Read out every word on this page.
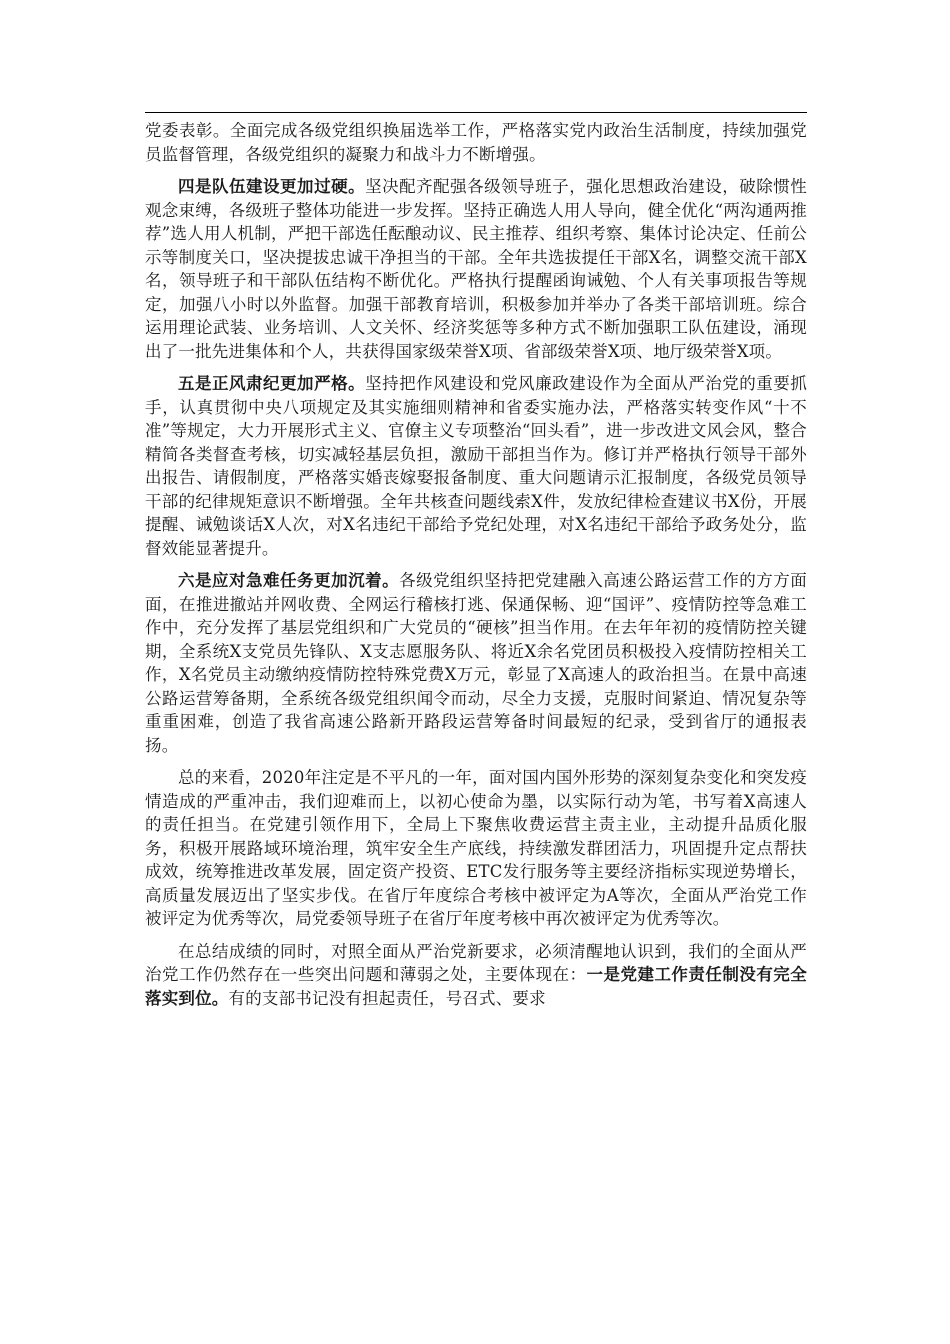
党委表彰。全面完成各级党组织换届选举工作，严格落实党内政治生活制度，持续加强党员监督管理，各级党组织的凝聚力和战斗力不断增强。

四是队伍建设更加过硬。坚决配齐配强各级领导班子，强化思想政治建设，破除惯性观念束缚，各级班子整体功能进一步发挥。坚持正确选人用人导向，健全优化“两沟通两推荐”选人用人机制，严把干部选任酝酿动议、民主推荐、组织考察、集体讨论决定、任前公示等制度关口，坚决提拔忠诚干净担当的干部。全年共选拔提任干部X名，调整交流干部X名，领导班子和干部队伍结构不断优化。严格执行提醒函询诫勉、个人有关事项报告等规定，加强八小时以外监督。加强干部教育培训，积极参加并举办了各类干部培训班。综合运用理论武装、业务培训、人文关怀、经济奖惩等多种方式不断加强职工队伍建设，涌现出了一批先进集体和个人，共获得国家级荣誉X项、省部级荣誉X项、地厅级荣誉X项。

五是正风肃纪更加严格。坚持把作风建设和党风廉政建设作为全面从严治党的重要抓手，认真贯彻中央八项规定及其实施细则精神和省委实施办法，严格落实转变作风“十不准”等规定，大力开展形式主义、官僚主义专项整治“回头看”，进一步改进文风会风，整合精简各类督查考核，切实减轻基层负担，激励干部担当作为。修订并严格执行领导干部外出报告、请假制度，严格落实婚丧嫁娶报备制度、重大问题请示汇报制度，各级党员领导干部的纪律规矩意识不断增强。全年共核查问题线索X件，发放纪律检查建议书X份，开展提醒、诫勉谈话X人次，对X名违纪干部给予党纪处理，对X名违纪干部给予政务处分，监督效能显著提升。

六是应对急难任务更加沉着。各级党组织坚持把党建融入高速公路运营工作的方方面面，在推进撤站并网收费、全网运行稽核打逃、保通保畅、迎“国评”、疫情防控等急难工作中，充分发挥了基层党组织和广大党员的“硬核”担当作用。在去年年初的疫情防控关键期，全系统X支党员先锋队、X支志愿服务队、将近X余名党团员积极投入疫情防控相关工作，X名党员主动缴纳疫情防控特殊党费X万元，彰显了X高速人的政治担当。在景中高速公路运营筹备期，全系统各级党组织闻令而动，尽全力支援，克服时间紧迫、情况复杂等重重困难，创造了我省高速公路新开路段运营筹备时间最短的纪录，受到省厅的通报表扬。

总的来看，2020年注定是不平凡的一年，面对国内国外形势的深刻复杂变化和突发疫情造成的严重冲击，我们迎难而上，以初心使命为墨，以实际行动为笔，书写着X高速人的责任担当。在党建引领作用下，全局上下聚焦收费运营主责主业，主动提升品质化服务，积极开展路域环境治理，筑牢安全生产底线，持续激发群团活力，巩固提升定点帮扶成效，统筹推进改革发展，固定资产投资、ETC发行服务等主要经济指标实现逆势增长，高质量发展迈出了坚实步伐。在省厅年度综合考核中被评定为A等次，全面从严治党工作被评定为优秀等次，局党委领导班子在省厅年度考核中再次被评定为优秀等次。

在总结成绩的同时，对照全面从严治党新要求，必须清醒地认识到，我们的全面从严治党工作仍然存在一些突出问题和薄弱之处，主要体现在：一是党建工作责任制没有完全落实到位。有的支部书记没有担起责任，号召式、要求
